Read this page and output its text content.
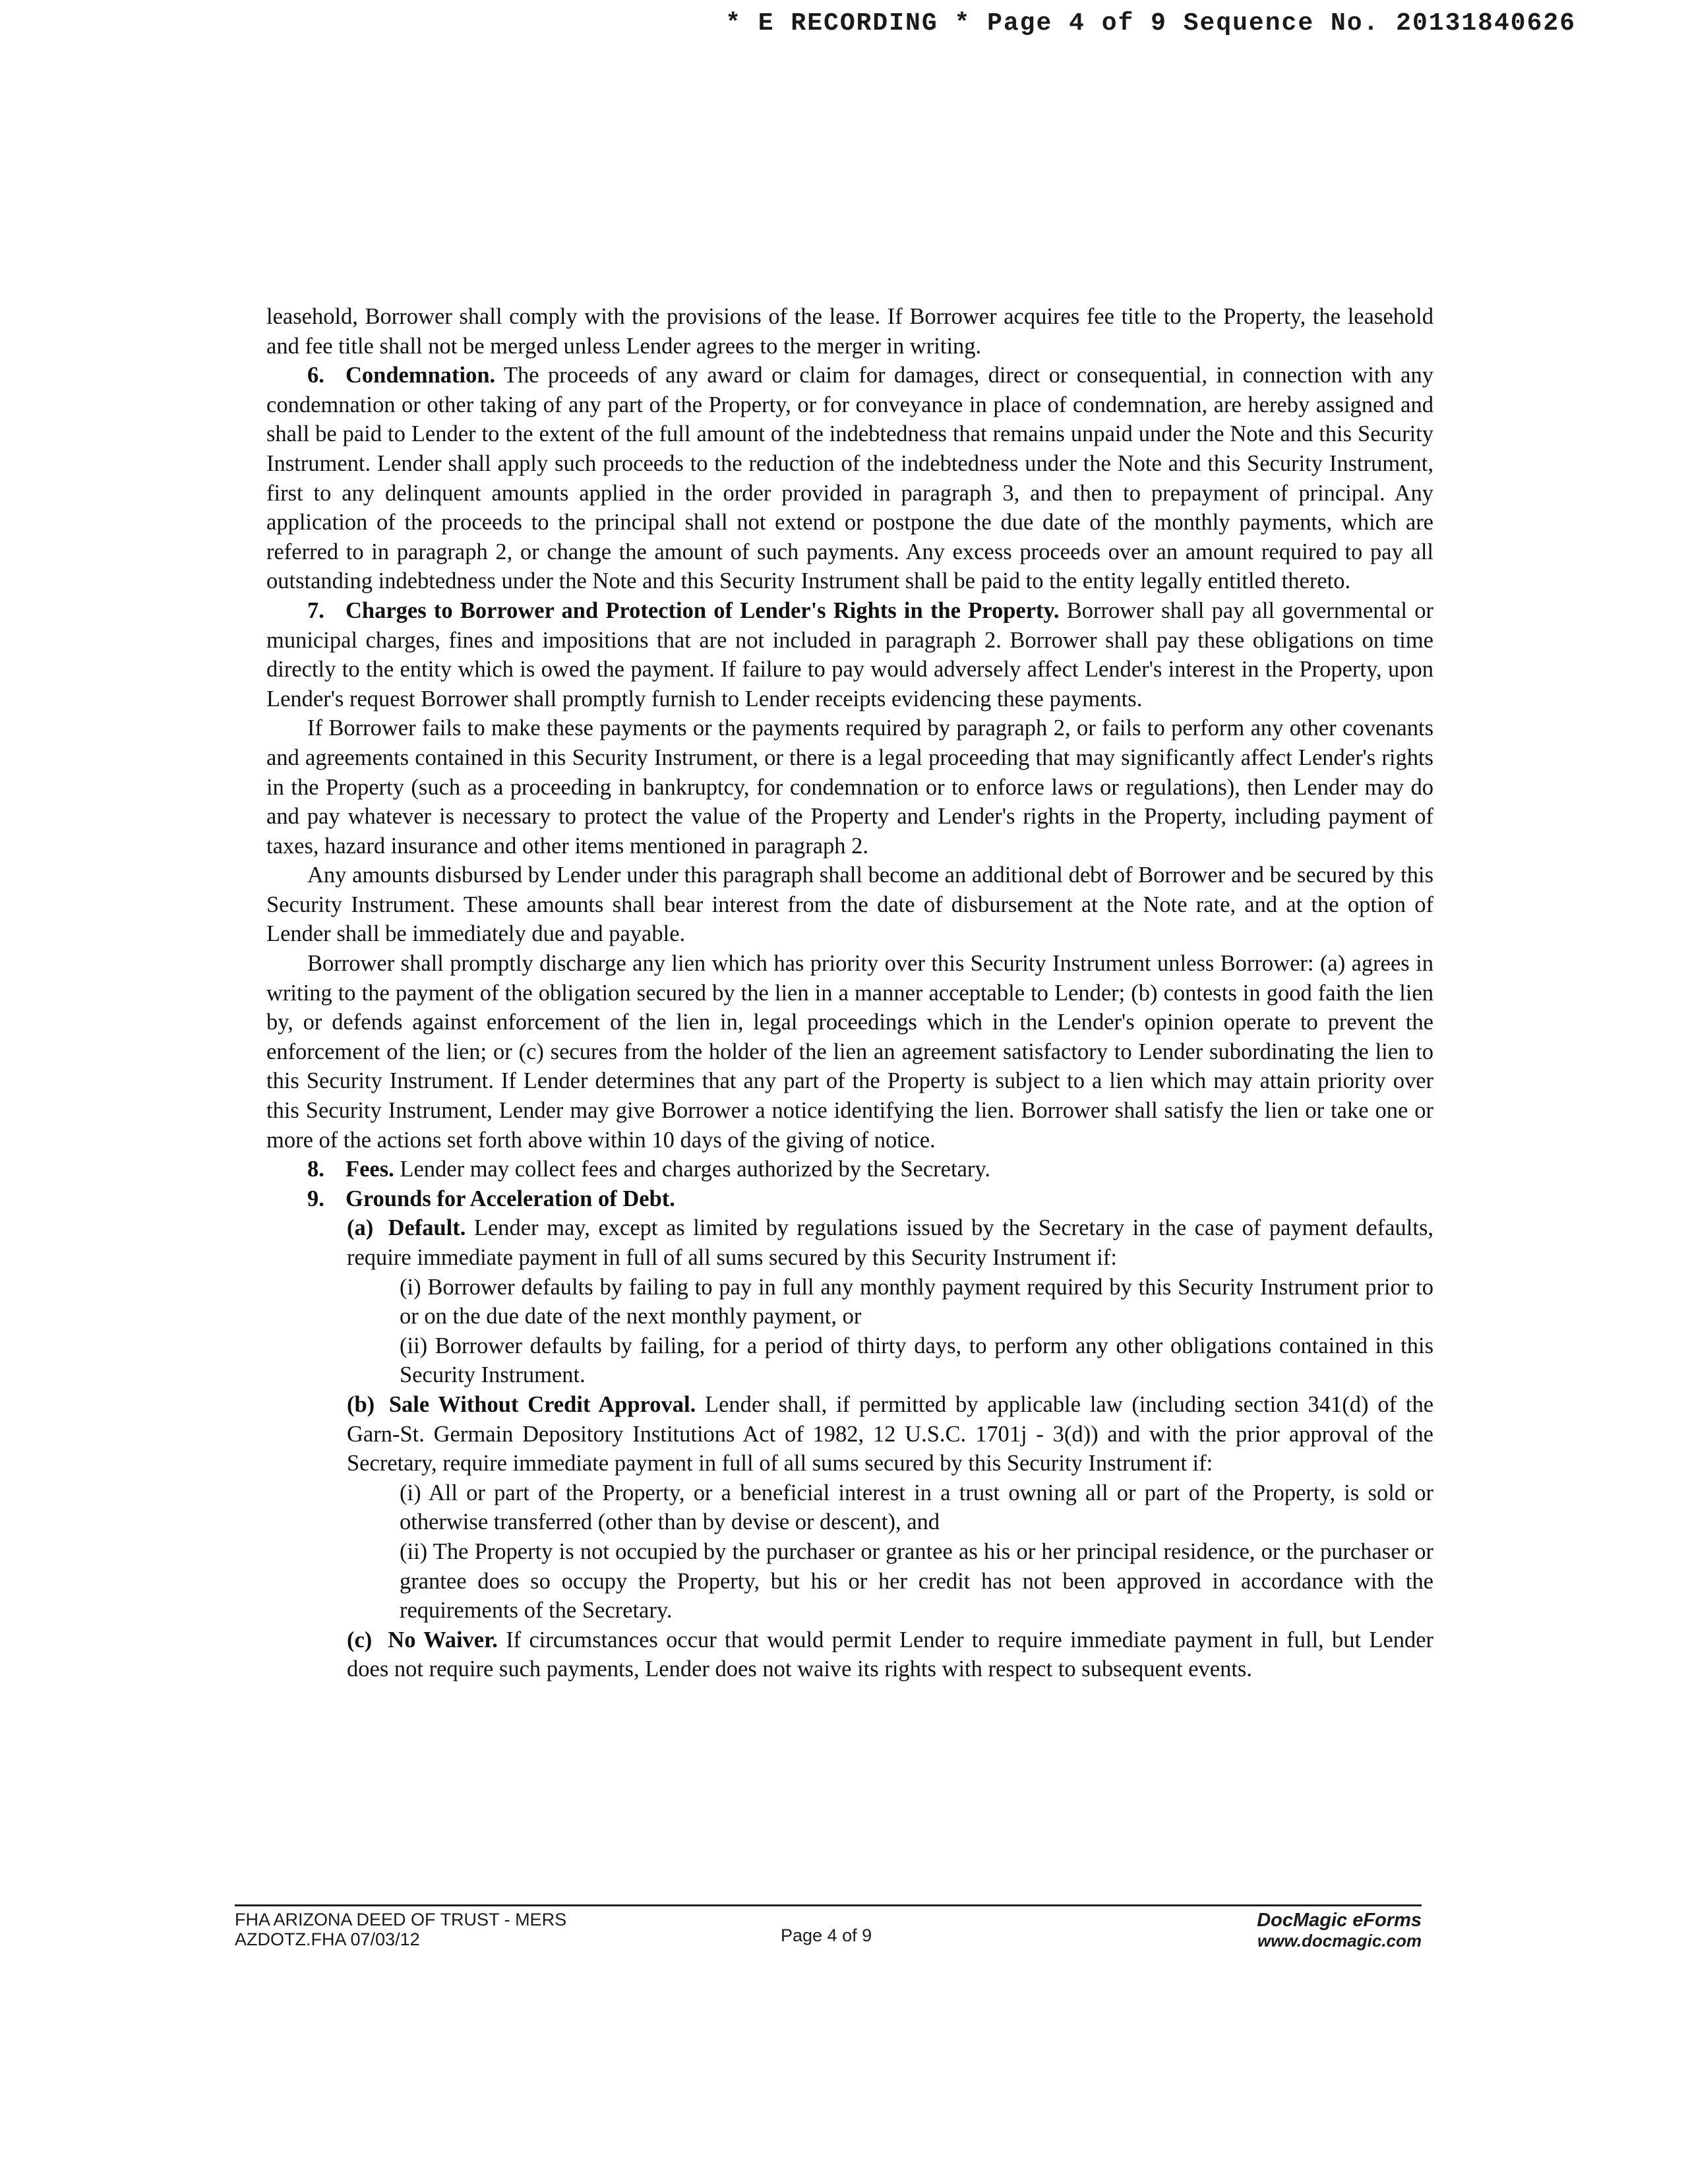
* E RECORDING * Page 4 of 9 Sequence No. 20131840626

leasehold, Borrower shall comply with the provisions of the lease. If Borrower acquires fee title to the Property, the leasehold and fee title shall not be merged unless Lender agrees to the merger in writing.

6. Condemnation. The proceeds of any award or claim for damages, direct or consequential, in connection with any condemnation or other taking of any part of the Property, or for conveyance in place of condemnation, are hereby assigned and shall be paid to Lender to the extent of the full amount of the indebtedness that remains unpaid under the Note and this Security Instrument. Lender shall apply such proceeds to the reduction of the indebtedness under the Note and this Security Instrument, first to any delinquent amounts applied in the order provided in paragraph 3, and then to prepayment of principal. Any application of the proceeds to the principal shall not extend or postpone the due date of the monthly payments, which are referred to in paragraph 2, or change the amount of such payments. Any excess proceeds over an amount required to pay all outstanding indebtedness under the Note and this Security Instrument shall be paid to the entity legally entitled thereto.

7. Charges to Borrower and Protection of Lender's Rights in the Property. Borrower shall pay all governmental or municipal charges, fines and impositions that are not included in paragraph 2. Borrower shall pay these obligations on time directly to the entity which is owed the payment. If failure to pay would adversely affect Lender's interest in the Property, upon Lender's request Borrower shall promptly furnish to Lender receipts evidencing these payments.

If Borrower fails to make these payments or the payments required by paragraph 2, or fails to perform any other covenants and agreements contained in this Security Instrument, or there is a legal proceeding that may significantly affect Lender's rights in the Property (such as a proceeding in bankruptcy, for condemnation or to enforce laws or regulations), then Lender may do and pay whatever is necessary to protect the value of the Property and Lender's rights in the Property, including payment of taxes, hazard insurance and other items mentioned in paragraph 2.

Any amounts disbursed by Lender under this paragraph shall become an additional debt of Borrower and be secured by this Security Instrument. These amounts shall bear interest from the date of disbursement at the Note rate, and at the option of Lender shall be immediately due and payable.

Borrower shall promptly discharge any lien which has priority over this Security Instrument unless Borrower: (a) agrees in writing to the payment of the obligation secured by the lien in a manner acceptable to Lender; (b) contests in good faith the lien by, or defends against enforcement of the lien in, legal proceedings which in the Lender's opinion operate to prevent the enforcement of the lien; or (c) secures from the holder of the lien an agreement satisfactory to Lender subordinating the lien to this Security Instrument. If Lender determines that any part of the Property is subject to a lien which may attain priority over this Security Instrument, Lender may give Borrower a notice identifying the lien. Borrower shall satisfy the lien or take one or more of the actions set forth above within 10 days of the giving of notice.

8. Fees. Lender may collect fees and charges authorized by the Secretary.

9. Grounds for Acceleration of Debt.

(a) Default. Lender may, except as limited by regulations issued by the Secretary in the case of payment defaults, require immediate payment in full of all sums secured by this Security Instrument if:

(i) Borrower defaults by failing to pay in full any monthly payment required by this Security Instrument prior to or on the due date of the next monthly payment, or

(ii) Borrower defaults by failing, for a period of thirty days, to perform any other obligations contained in this Security Instrument.

(b) Sale Without Credit Approval. Lender shall, if permitted by applicable law (including section 341(d) of the Garn-St. Germain Depository Institutions Act of 1982, 12 U.S.C. 1701j - 3(d)) and with the prior approval of the Secretary, require immediate payment in full of all sums secured by this Security Instrument if:

(i) All or part of the Property, or a beneficial interest in a trust owning all or part of the Property, is sold or otherwise transferred (other than by devise or descent), and

(ii) The Property is not occupied by the purchaser or grantee as his or her principal residence, or the purchaser or grantee does so occupy the Property, but his or her credit has not been approved in accordance with the requirements of the Secretary.

(c) No Waiver. If circumstances occur that would permit Lender to require immediate payment in full, but Lender does not require such payments, Lender does not waive its rights with respect to subsequent events.

FHA ARIZONA DEED OF TRUST - MERS
AZDOTZ.FHA 07/03/12	Page 4 of 9
DocMagic eForms
www.docmagic.com
